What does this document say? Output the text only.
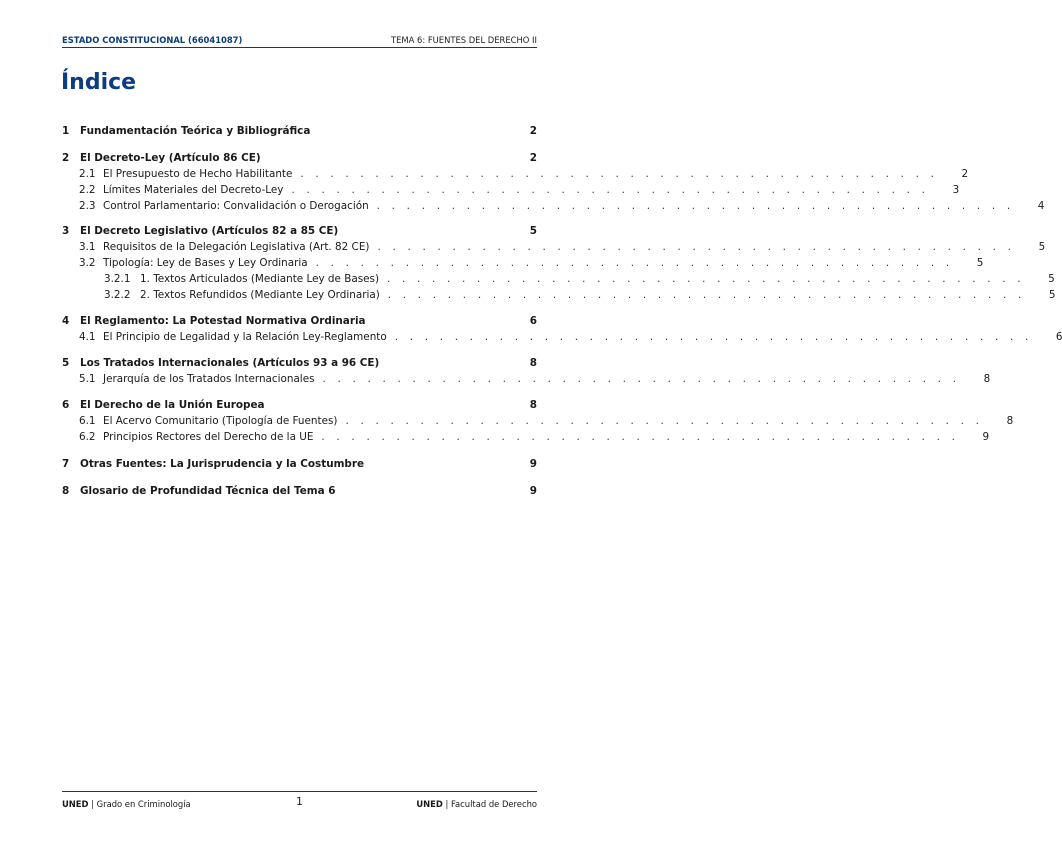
ESTADO CONSTITUCIONAL (66041087)	TEMA 6: FUENTES DEL DERECHO II
Índice
1	Fundamentación Teórica y Bibliográfica	2
2	El Decreto-Ley (Artículo 86 CE)	2
2.1 El Presupuesto de Hecho Habilitante . . . . . . . . . . . . . . . . . . . . . . . . . . . . . . . . . . . . . . . . . . .	2
2.2 Límites Materiales del Decreto-Ley . . . . . . . . . . . . . . . . . . . . . . . . . . . . . . . . . . . . . . . . . . .	3
2.3 Control Parlamentario: Convalidación o Derogación . . . . . . . . . . . . . . . . . . . . . . . . . . . . . . . . . . . . . . . . . . .	4
3	El Decreto Legislativo (Artículos 82 a 85 CE)	5
3.1 Requisitos de la Delegación Legislativa (Art. 82 CE) . . . . . . . . . . . . . . . . . . . . . . . . . . . . . . . . . . . . . . . . . . .	5
3.2 Tipología: Ley de Bases y Ley Ordinaria . . . . . . . . . . . . . . . . . . . . . . . . . . . . . . . . . . . . . . . . . . .	5
3.2.1 1. Textos Articulados (Mediante Ley de Bases) . . . . . . . . . . . . . . . . . . . . . . . . . . . . . . . . . . . . . . . . . . .	5
3.2.2 2. Textos Refundidos (Mediante Ley Ordinaria) . . . . . . . . . . . . . . . . . . . . . . . . . . . . . . . . . . . . . . . . . . .	5
4	El Reglamento: La Potestad Normativa Ordinaria	6
4.1 El Principio de Legalidad y la Relación Ley-Reglamento . . . . . . . . . . . . . . . . . . . . . . . . . . . . . . . . . . . . . . . . . . .	6
5	Los Tratados Internacionales (Artículos 93 a 96 CE)	8
5.1 Jerarquía de los Tratados Internacionales . . . . . . . . . . . . . . . . . . . . . . . . . . . . . . . . . . . . . . . . . . .	8
6	El Derecho de la Unión Europea	8
6.1 El Acervo Comunitario (Tipología de Fuentes) . . . . . . . . . . . . . . . . . . . . . . . . . . . . . . . . . . . . . . . . . . .	8
6.2 Principios Rectores del Derecho de la UE . . . . . . . . . . . . . . . . . . . . . . . . . . . . . . . . . . . . . . . . . . .	9
7	Otras Fuentes: La Jurisprudencia y la Costumbre	9
8	Glosario de Profundidad Técnica del Tema 6	9
UNED | Grado en Criminología	1	UNED | Facultad de Derecho
